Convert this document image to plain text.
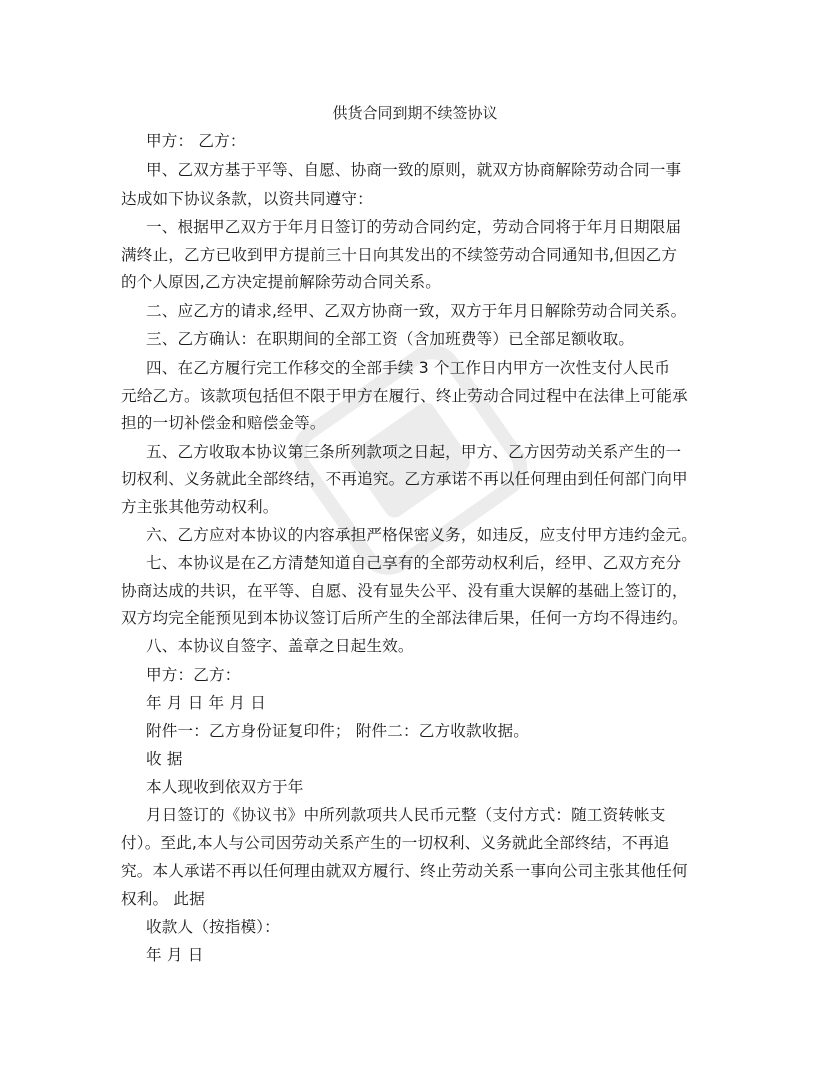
供货合同到期不续签协议

甲方： 乙方：

甲、乙双方基于平等、自愿、协商一致的原则，就双方协商解除劳动合同一事

达成如下协议条款，以资共同遵守：

一、根据甲乙双方于年月日签订的劳动合同约定，劳动合同将于年月日期限届

满终止，乙方已收到甲方提前三十日向其发出的不续签劳动合同通知书,但因乙方

的个人原因,乙方决定提前解除劳动合同关系。

二、应乙方的请求,经甲、乙双方协商一致，双方于年月日解除劳动合同关系。

三、乙方确认：在职期间的全部工资（含加班费等）已全部足额收取。

四、在乙方履行完工作移交的全部手续 3 个工作日内甲方一次性支付人民币

元给乙方。该款项包括但不限于甲方在履行、终止劳动合同过程中在法律上可能承

担的一切补偿金和赔偿金等。

五、乙方收取本协议第三条所列款项之日起，甲方、乙方因劳动关系产生的一

切权利、义务就此全部终结，不再追究。乙方承诺不再以任何理由到任何部门向甲

方主张其他劳动权利。

六、乙方应对本协议的内容承担严格保密义务，如违反，应支付甲方违约金元。

七、本协议是在乙方清楚知道自己享有的全部劳动权利后，经甲、乙双方充分

协商达成的共识，在平等、自愿、没有显失公平、没有重大误解的基础上签订的，

双方均完全能预见到本协议签订后所产生的全部法律后果，任何一方均不得违约。

八、本协议自签字、盖章之日起生效。

甲方：乙方：

年 月 日 年 月 日

附件一：乙方身份证复印件； 附件二：乙方收款收据。

收 据

本人现收到依双方于年

月日签订的《协议书》中所列款项共人民币元整（支付方式：随工资转帐支

付）。至此,本人与公司因劳动关系产生的一切权利、义务就此全部终结，不再追

究。本人承诺不再以任何理由就双方履行、终止劳动关系一事向公司主张其他任何

权利。 此据

收款人（按指模）：

年 月 日
